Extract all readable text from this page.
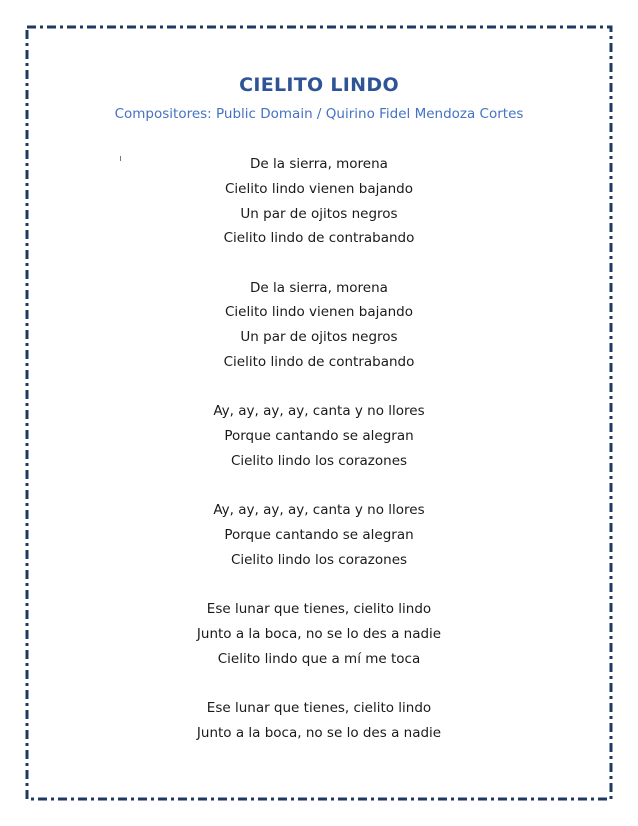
CIELITO LINDO
Compositores: Public Domain / Quirino Fidel Mendoza Cortes
De la sierra, morena
Cielito lindo vienen bajando
Un par de ojitos negros
Cielito lindo de contrabando
De la sierra, morena
Cielito lindo vienen bajando
Un par de ojitos negros
Cielito lindo de contrabando
Ay, ay, ay, ay, canta y no llores
Porque cantando se alegran
Cielito lindo los corazones
Ay, ay, ay, ay, canta y no llores
Porque cantando se alegran
Cielito lindo los corazones
Ese lunar que tienes, cielito lindo
Junto a la boca, no se lo des a nadie
Cielito lindo que a mí me toca
Ese lunar que tienes, cielito lindo
Junto a la boca, no se lo des a nadie
